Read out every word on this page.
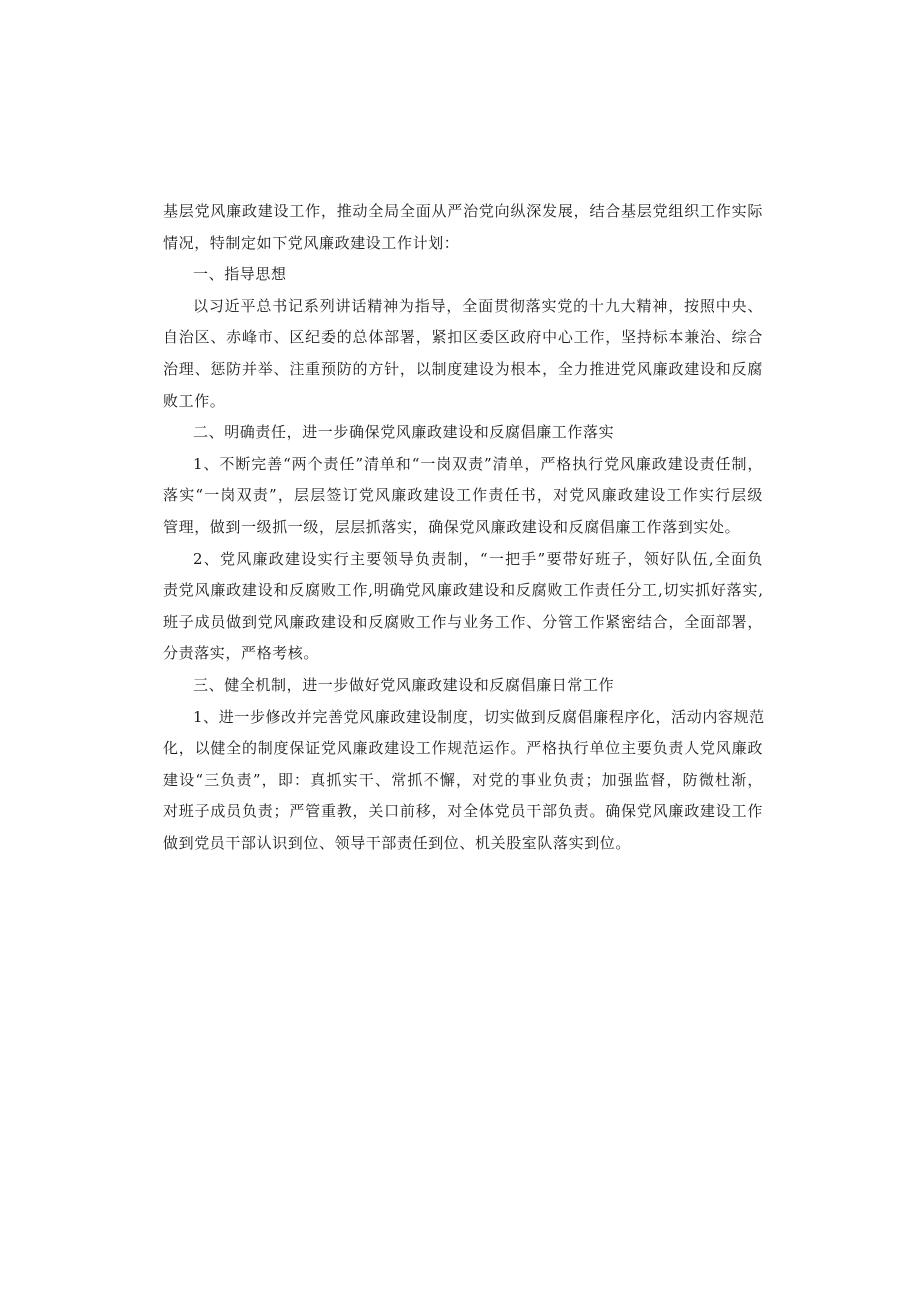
基层党风廉政建设工作，推动全局全面从严治党向纵深发展，结合基层党组织工作实际
情况，特制定如下党风廉政建设工作计划：
一、指导思想
以习近平总书记系列讲话精神为指导，全面贯彻落实党的十九大精神，按照中央、
自治区、赤峰市、区纪委的总体部署，紧扣区委区政府中心工作，坚持标本兼治、综合
治理、惩防并举、注重预防的方针，以制度建设为根本，全力推进党风廉政建设和反腐
败工作。
二、明确责任，进一步确保党风廉政建设和反腐倡廉工作落实
1、不断完善“两个责任”清单和“一岗双责”清单，严格执行党风廉政建设责任制，
落实“一岗双责”，层层签订党风廉政建设工作责任书，对党风廉政建设工作实行层级
管理，做到一级抓一级，层层抓落实，确保党风廉政建设和反腐倡廉工作落到实处。
2、党风廉政建设实行主要领导负责制，“一把手”要带好班子，领好队伍,全面负
责党风廉政建设和反腐败工作,明确党风廉政建设和反腐败工作责任分工,切实抓好落实,
班子成员做到党风廉政建设和反腐败工作与业务工作、分管工作紧密结合，全面部署，
分责落实，严格考核。
三、健全机制，进一步做好党风廉政建设和反腐倡廉日常工作
1、进一步修改并完善党风廉政建设制度，切实做到反腐倡廉程序化，活动内容规范
化，以健全的制度保证党风廉政建设工作规范运作。严格执行单位主要负责人党风廉政
建设“三负责”，即：真抓实干、常抓不懈，对党的事业负责；加强监督，防微杜渐，
对班子成员负责；严管重教，关口前移，对全体党员干部负责。确保党风廉政建设工作
做到党员干部认识到位、领导干部责任到位、机关股室队落实到位。
